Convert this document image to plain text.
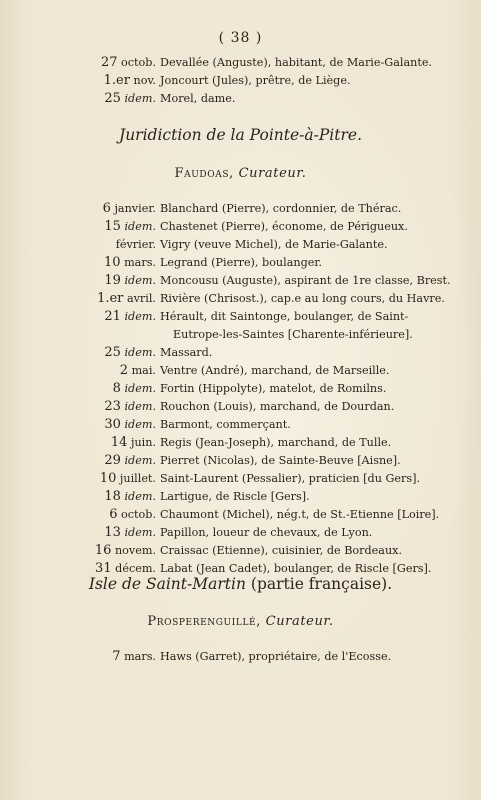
( 38 )
27 octob. Devallée (Anguste), habitant, de Marie-Galante.
1.er nov. Joncourt (Jules), prêtre, de Liège.
25 idem. Morel, dame.
Juridiction de la Pointe-à-Pitre.
Faudoas, Curateur.
6 janvier. Blanchard (Pierre), cordonnier, de Thérac.
15 idem. Chastenet (Pierre), économe, de Périgueux.
février. Vigry (veuve Michel), de Marie-Galante.
10 mars. Legrand (Pierre), boulanger.
19 idem. Moncousu (Auguste), aspirant de 1re classe, Brest.
1.er avril. Rivière (Chrisost.), cap.e au long cours, du Havre.
21 idem. Hérault, dit Saintonge, boulanger, de Saint-
Eutrope-les-Saintes [Charente-inférieure].
25 idem. Massard.
2 mai. Ventre (André), marchand, de Marseille.
8 idem. Fortin (Hippolyte), matelot, de Romilns.
23 idem. Rouchon (Louis), marchand, de Dourdan.
30 idem. Barmont, commerçant.
14 juin. Regis (Jean-Joseph), marchand, de Tulle.
29 idem. Pierret (Nicolas), de Sainte-Beuve [Aisne].
10 juillet. Saint-Laurent (Pessalier), praticien [du Gers].
18 idem. Lartigue, de Riscle [Gers].
6 octob. Chaumont (Michel), nég.t, de St.-Etienne [Loire].
13 idem. Papillon, loueur de chevaux, de Lyon.
16 novem. Craissac (Etienne), cuisinier, de Bordeaux.
31 décem. Labat (Jean Cadet), boulanger, de Riscle [Gers].
Isle de Saint-Martin (partie française).
Prosperenguillé, Curateur.
7 mars. Haws (Garret), propriétaire, de l'Ecosse.
